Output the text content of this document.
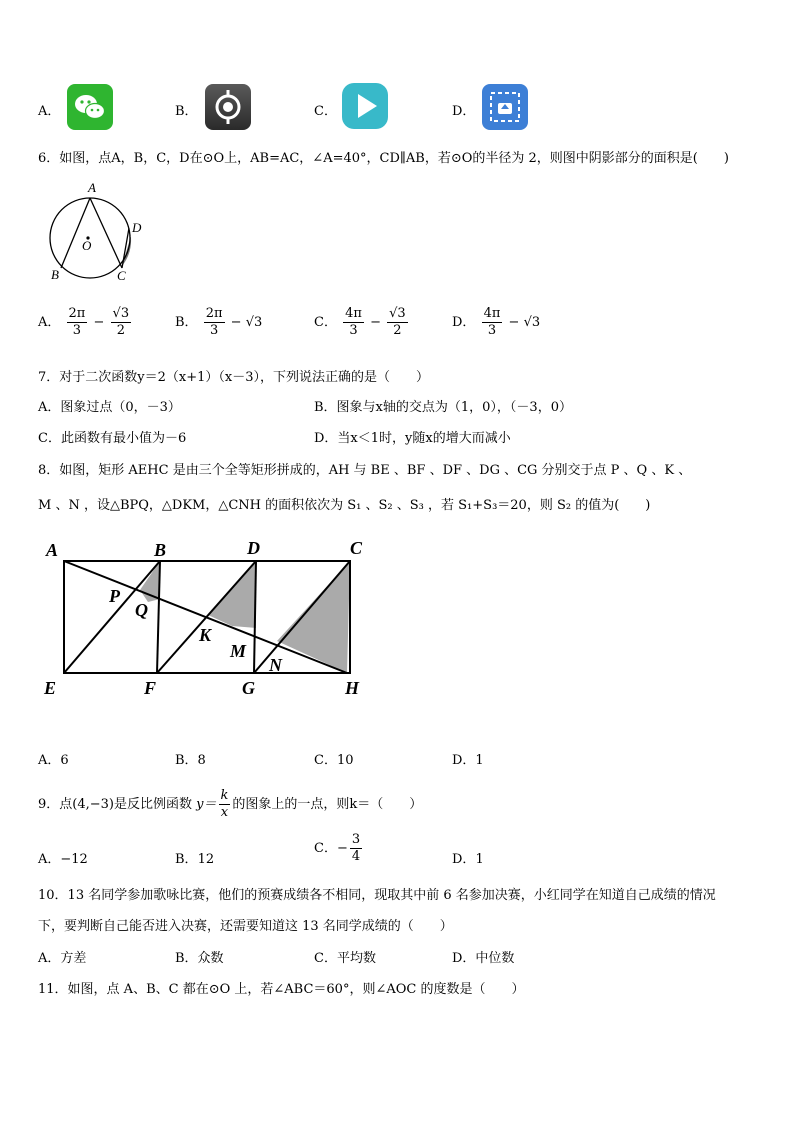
A．	B．	C．	D．
6．如图，点A，B，C，D在⊙O上，AB=AC，∠A=40°，CD∥AB，若⊙O的半径为 2，则图中阴影部分的面积是(　　)
A
D
O
B	C
A． $\frac{2\pi}{3} - \frac{√3}{2}$	B． $\frac{2\pi}{3} - √3$	C． $\frac{4\pi}{3} - \frac{√3}{2}$	D． $\frac{4\pi}{3} - √3$
7．对于二次函数y＝2（x+1）（x－3），下列说法正确的是（　　）
A．图象过点（0，－3）	B．图象与x轴的交点为（1，0），（－3，0）
C．此函数有最小值为－6	D．当x＜1时，y随x的增大而减小
8．如图，矩形 AEHC 是由三个全等矩形拼成的，AH 与 BE 、BF 、DF 、DG 、CG 分别交于点 P 、Q 、K 、
M 、N ，设△BPQ，△DKM，△CNH 的面积依次为 S₁ 、S₂ 、S₃ ，若 S₁+S₃＝20，则 S₂ 的值为(　　)
A	B	D	C
P
Q
K
M
N
E	F	G	H
A．6	B．8	C．10	D．1
9．点(4,−3)是反比例函数 $y= \frac{k}{x}$ 的图象上的一点，则k＝（　　）
A．−12	B．12
C．− $\frac{3}{4}$	D．1
10．13 名同学参加歌咏比赛，他们的预赛成绩各不相同，现取其中前 6 名参加决赛，小红同学在知道自己成绩的情况
下，要判断自己能否进入决赛，还需要知道这 13 名同学成绩的（　　）
A．方差	B．众数	C．平均数	D．中位数
11．如图，点 A、B、C 都在⊙O 上，若∠ABC＝60°，则∠AOC 的度数是（　　）
